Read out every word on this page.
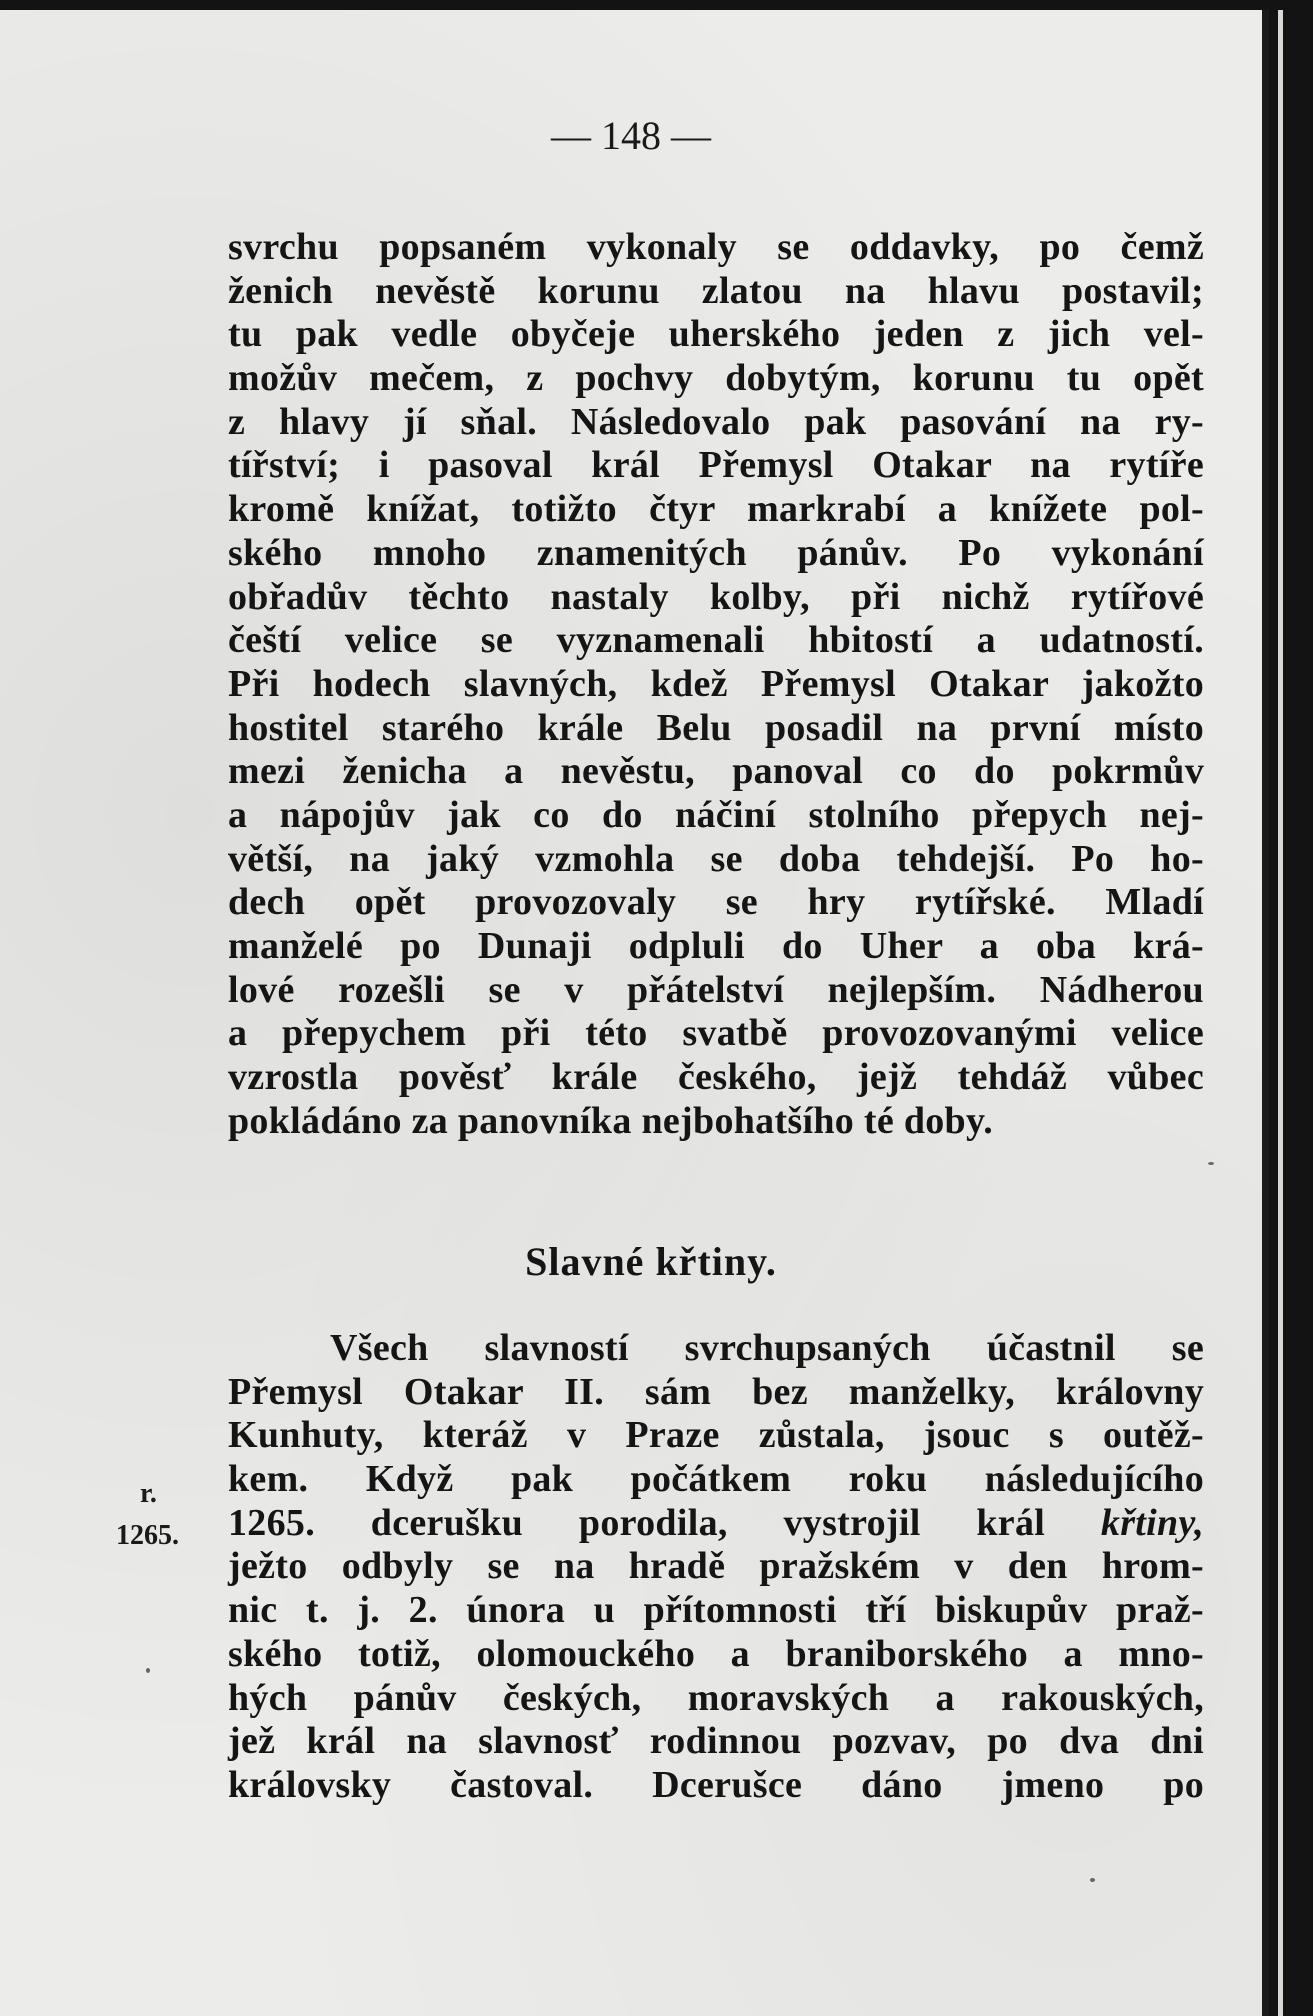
— 148 —
svrchu popsaném vykonaly se oddavky, po čemž
ženich nevěstě korunu zlatou na hlavu postavil;
tu pak vedle obyčeje uherského jeden z jich vel-
možův mečem, z pochvy dobytým, korunu tu opět
z hlavy jí sňal. Následovalo pak pasování na ry-
tířství; i pasoval král Přemysl Otakar na rytíře
kromě knížat, totižto čtyr markrabí a knížete pol-
ského mnoho znamenitých pánův. Po vykonání
obřadův těchto nastaly kolby, při nichž rytířové
čeští velice se vyznamenali hbitostí a udatností.
Při hodech slavných, kdež Přemysl Otakar jakožto
hostitel starého krále Belu posadil na první místo
mezi ženicha a nevěstu, panoval co do pokrmův
a nápojův jak co do náčiní stolního přepych nej-
větší, na jaký vzmohla se doba tehdejší. Po ho-
dech opět provozovaly se hry rytířské. Mladí
manželé po Dunaji odpluli do Uher a oba krá-
lové rozešli se v přátelství nejlepším. Nádherou
a přepychem při této svatbě provozovanými velice
vzrostla pověsť krále českého, jejž tehdáž vůbec
pokládáno za panovníka nejbohatšího té doby.
Slavné křtiny.
Všech slavností svrchupsaných účastnil se
Přemysl Otakar II. sám bez manželky, královny
Kunhuty, kteráž v Praze zůstala, jsouc s outěž-
kem. Když pak počátkem roku následujícího
1265. dcerušku porodila, vystrojil král křtiny,
ježto odbyly se na hradě pražském v den hrom-
nic t. j. 2. února u přítomnosti tří biskupův praž-
ského totiž, olomouckého a braniborského a mno-
hých pánův českých, moravských a rakouských,
jež král na slavnosť rodinnou pozvav, po dva dni
královsky častoval. Dcerušce dáno jmeno po
r.
1265.
